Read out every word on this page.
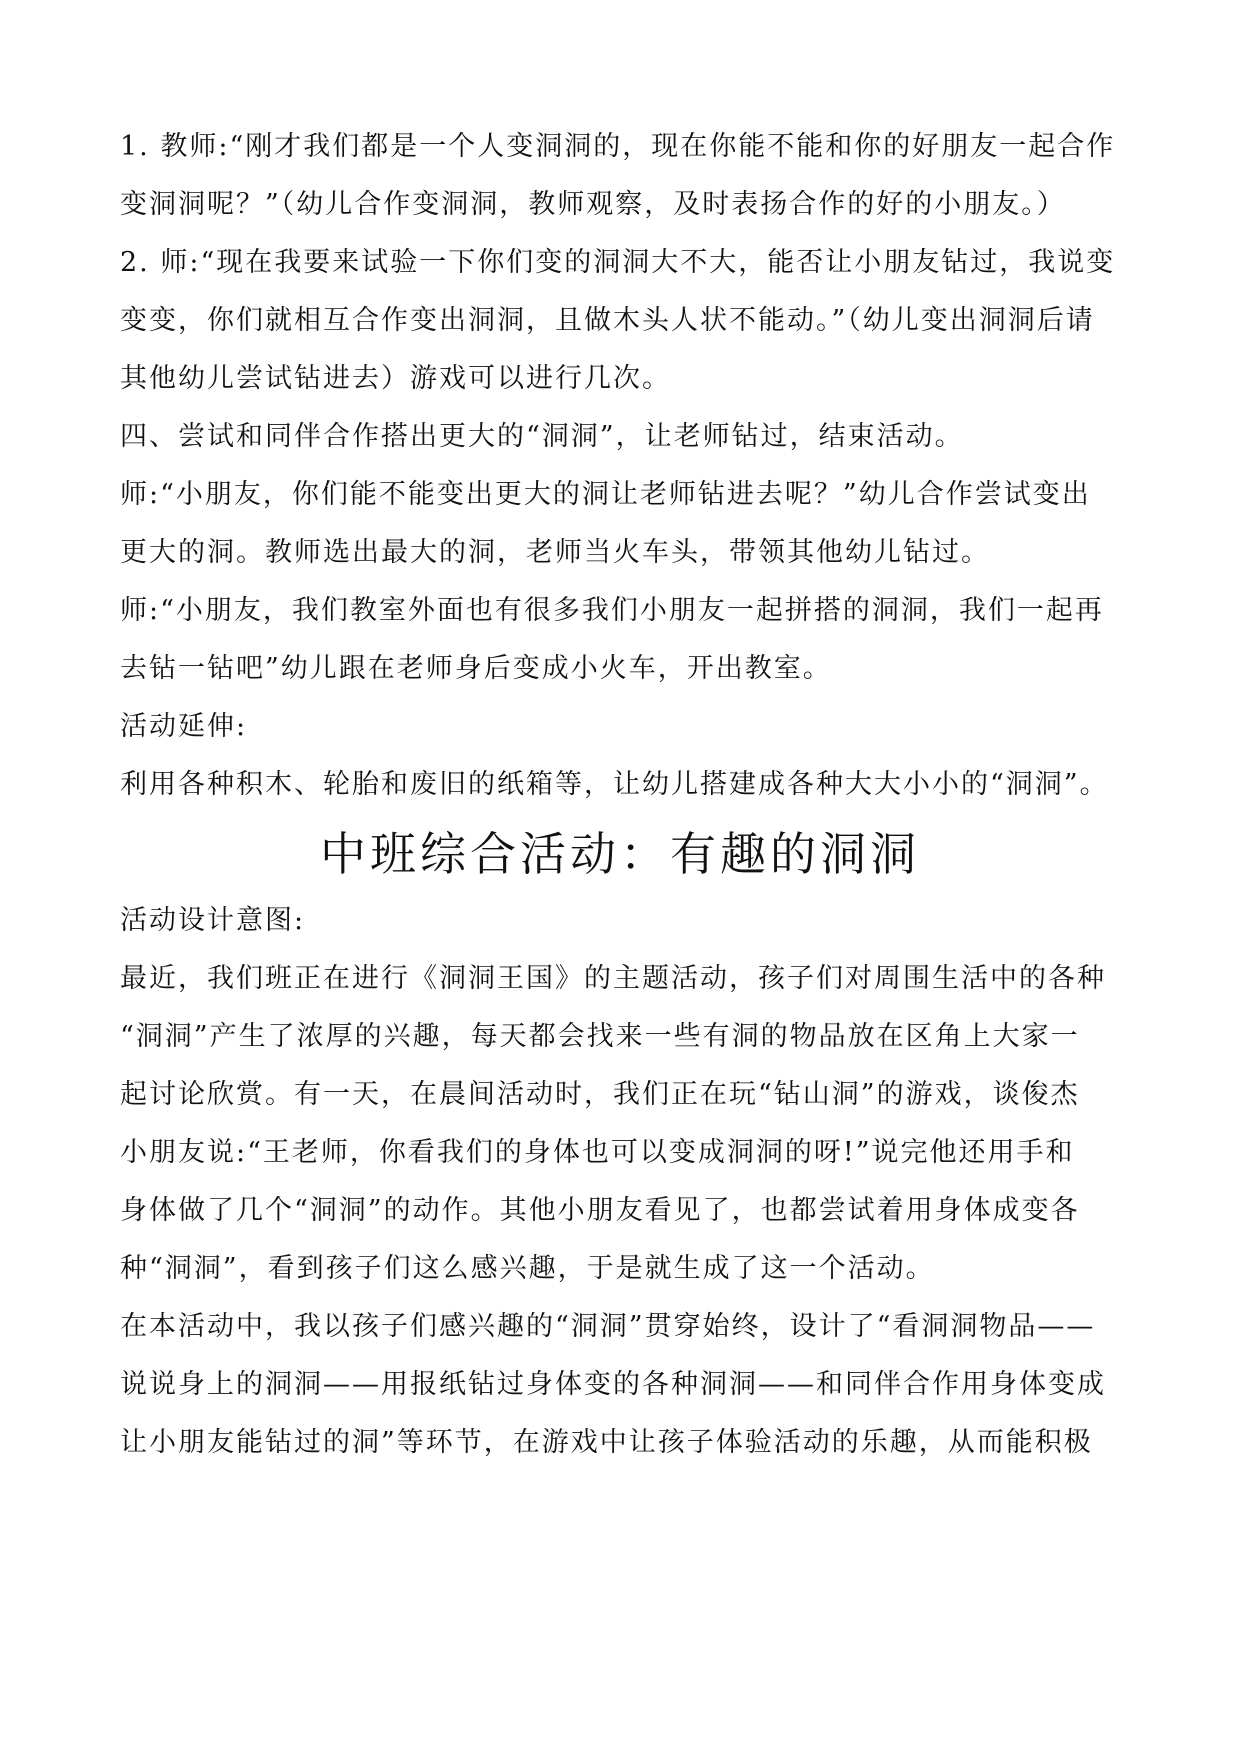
1. 教师:“刚才我们都是一个人变洞洞的，现在你能不能和你的好朋友一起合作

变洞洞呢？”（幼儿合作变洞洞，教师观察，及时表扬合作的好的小朋友。）

2. 师:“现在我要来试验一下你们变的洞洞大不大，能否让小朋友钻过，我说变

变变，你们就相互合作变出洞洞，且做木头人状不能动。”（幼儿变出洞洞后请

其他幼儿尝试钻进去）游戏可以进行几次。

四、尝试和同伴合作搭出更大的“洞洞”，让老师钻过，结束活动。

师:“小朋友，你们能不能变出更大的洞让老师钻进去呢？”幼儿合作尝试变出

更大的洞。教师选出最大的洞，老师当火车头，带领其他幼儿钻过。

师:“小朋友，我们教室外面也有很多我们小朋友一起拼搭的洞洞，我们一起再

去钻一钻吧”幼儿跟在老师身后变成小火车，开出教室。

活动延伸:

利用各种积木、轮胎和废旧的纸箱等，让幼儿搭建成各种大大小小的“洞洞”。

中班综合活动：有趣的洞洞

活动设计意图:

最近，我们班正在进行《洞洞王国》的主题活动，孩子们对周围生活中的各种

“洞洞”产生了浓厚的兴趣，每天都会找来一些有洞的物品放在区角上大家一

起讨论欣赏。有一天，在晨间活动时，我们正在玩“钻山洞”的游戏，谈俊杰

小朋友说:“王老师，你看我们的身体也可以变成洞洞的呀!”说完他还用手和

身体做了几个“洞洞”的动作。其他小朋友看见了，也都尝试着用身体成变各

种“洞洞”，看到孩子们这么感兴趣，于是就生成了这一个活动。

在本活动中，我以孩子们感兴趣的“洞洞”贯穿始终，设计了“看洞洞物品——

说说身上的洞洞——用报纸钻过身体变的各种洞洞——和同伴合作用身体变成

让小朋友能钻过的洞”等环节，在游戏中让孩子体验活动的乐趣，从而能积极
